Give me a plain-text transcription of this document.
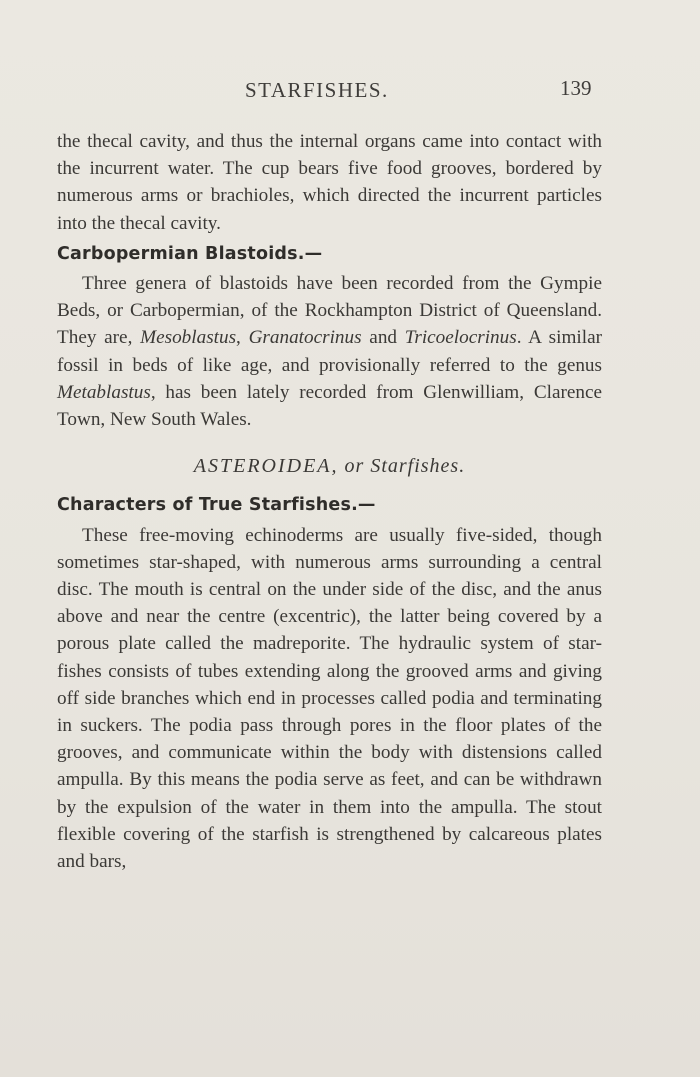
STARFISHES.	139

the thecal cavity, and thus the internal organs came into contact with the incurrent water. The cup bears five food grooves, bordered by numerous arms or brachioles, which directed the incurrent particles into the thecal cavity.

Carbopermian Blastoids.—

Three genera of blastoids have been recorded from the Gympie Beds, or Carbopermian, of the Rockhampton District of Queensland. They are, Mesoblastus, Granatocrinus and Tricoelocrinus. A similar fossil in beds of like age, and provisionally referred to the genus Metablastus, has been lately recorded from Glenwilliam, Clarence Town, New South Wales.

ASTEROIDEA, or Starfishes.
Characters of True Starfishes.—

These free-moving echinoderms are usually five-sided, though sometimes star-shaped, with numerous arms surrounding a central disc. The mouth is central on the under side of the disc, and the anus above and near the centre (excentric), the latter being covered by a porous plate called the madreporite. The hydraulic system of star-fishes consists of tubes extending along the grooved arms and giving off side branches which end in processes called podia and terminating in suckers. The podia pass through pores in the floor plates of the grooves, and communicate within the body with distensions called ampulla. By this means the podia serve as feet, and can be withdrawn by the expulsion of the water in them into the ampulla. The stout flexible covering of the starfish is strengthened by calcareous plates and bars,
